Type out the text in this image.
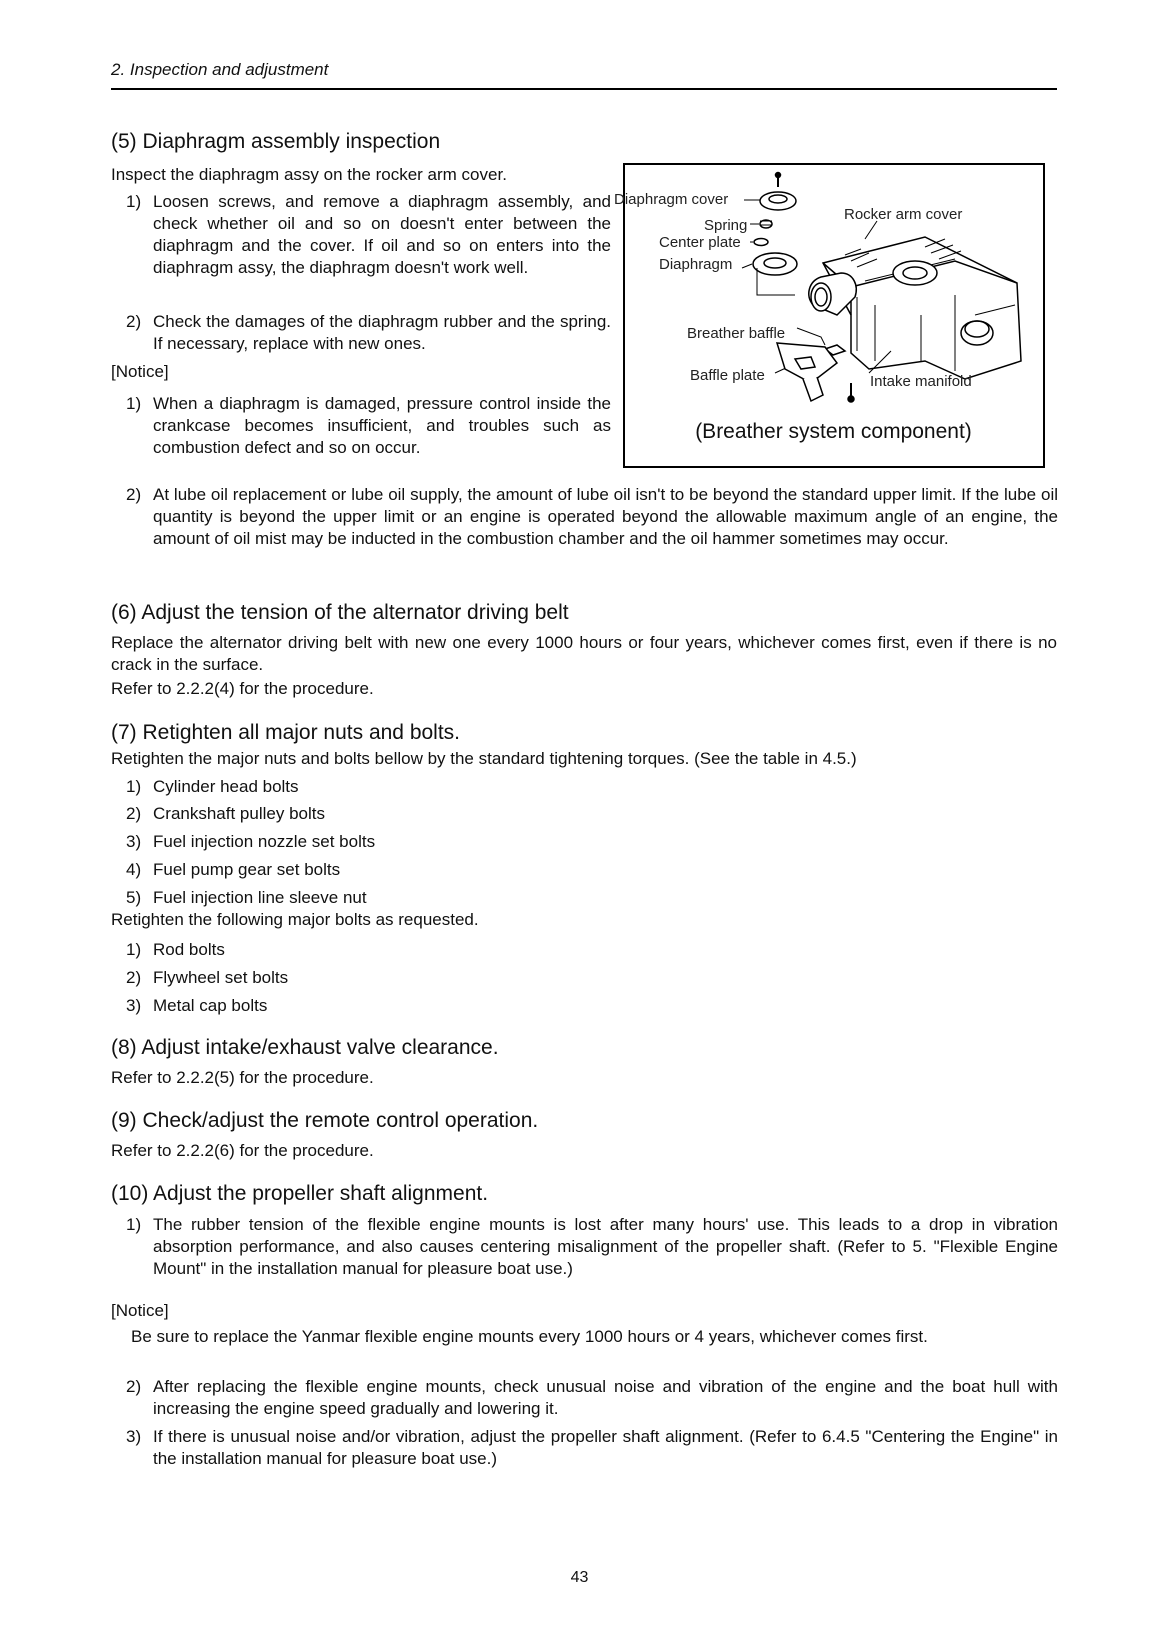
2. Inspection and adjustment
(5) Diaphragm assembly inspection
Inspect the diaphragm assy on the rocker arm cover.
1) Loosen screws, and remove a diaphragm assembly, and check whether oil and so on doesn't enter between the diaphragm and the cover. If oil and so on enters into the diaphragm assy, the diaphragm doesn't work well.
2) Check the damages of the diaphragm rubber and the spring. If necessary, replace with new ones.
[Notice]
1) When a diaphragm is damaged, pressure control inside the crankcase becomes insufficient, and troubles such as combustion defect and so on occur.
2) At lube oil replacement or lube oil supply, the amount of lube oil isn't to be beyond the standard upper limit. If the lube oil quantity is beyond the upper limit or an engine is operated beyond the allowable maximum angle of an engine, the amount of oil mist may be inducted in the combustion chamber and the oil hammer sometimes may occur.
Diaphragm cover
Spring
Center plate
Diaphragm
Rocker arm cover
Breather baffle
Baffle plate	Intake manifold
(Breather system component)
(6) Adjust the tension of the alternator driving belt
Replace the alternator driving belt with new one every 1000 hours or four years, whichever comes first, even if there is no crack in the surface.
Refer to 2.2.2(4) for the procedure.
(7) Retighten all major nuts and bolts.
Retighten the major nuts and bolts bellow by the standard tightening torques. (See the table in 4.5.)
1) Cylinder head bolts
2) Crankshaft pulley bolts
3) Fuel injection nozzle set bolts
4) Fuel pump gear set bolts
5) Fuel injection line sleeve nut
Retighten the following major bolts as requested.
1) Rod bolts
2) Flywheel set bolts
3) Metal cap bolts
(8) Adjust intake/exhaust valve clearance.
Refer to 2.2.2(5) for the procedure.
(9) Check/adjust the remote control operation.
Refer to 2.2.2(6) for the procedure.
(10) Adjust the propeller shaft alignment.
1) The rubber tension of the flexible engine mounts is lost after many hours' use. This leads to a drop in vibration absorption performance, and also causes centering misalignment of the propeller shaft. (Refer to 5. "Flexible Engine Mount" in the installation manual for pleasure boat use.)
[Notice]
Be sure to replace the Yanmar flexible engine mounts every 1000 hours or 4 years, whichever comes first.
2) After replacing the flexible engine mounts, check unusual noise and vibration of the engine and the boat hull with increasing the engine speed gradually and lowering it.
3) If there is unusual noise and/or vibration, adjust the propeller shaft alignment. (Refer to 6.4.5 "Centering the Engine" in the installation manual for pleasure boat use.)
43
